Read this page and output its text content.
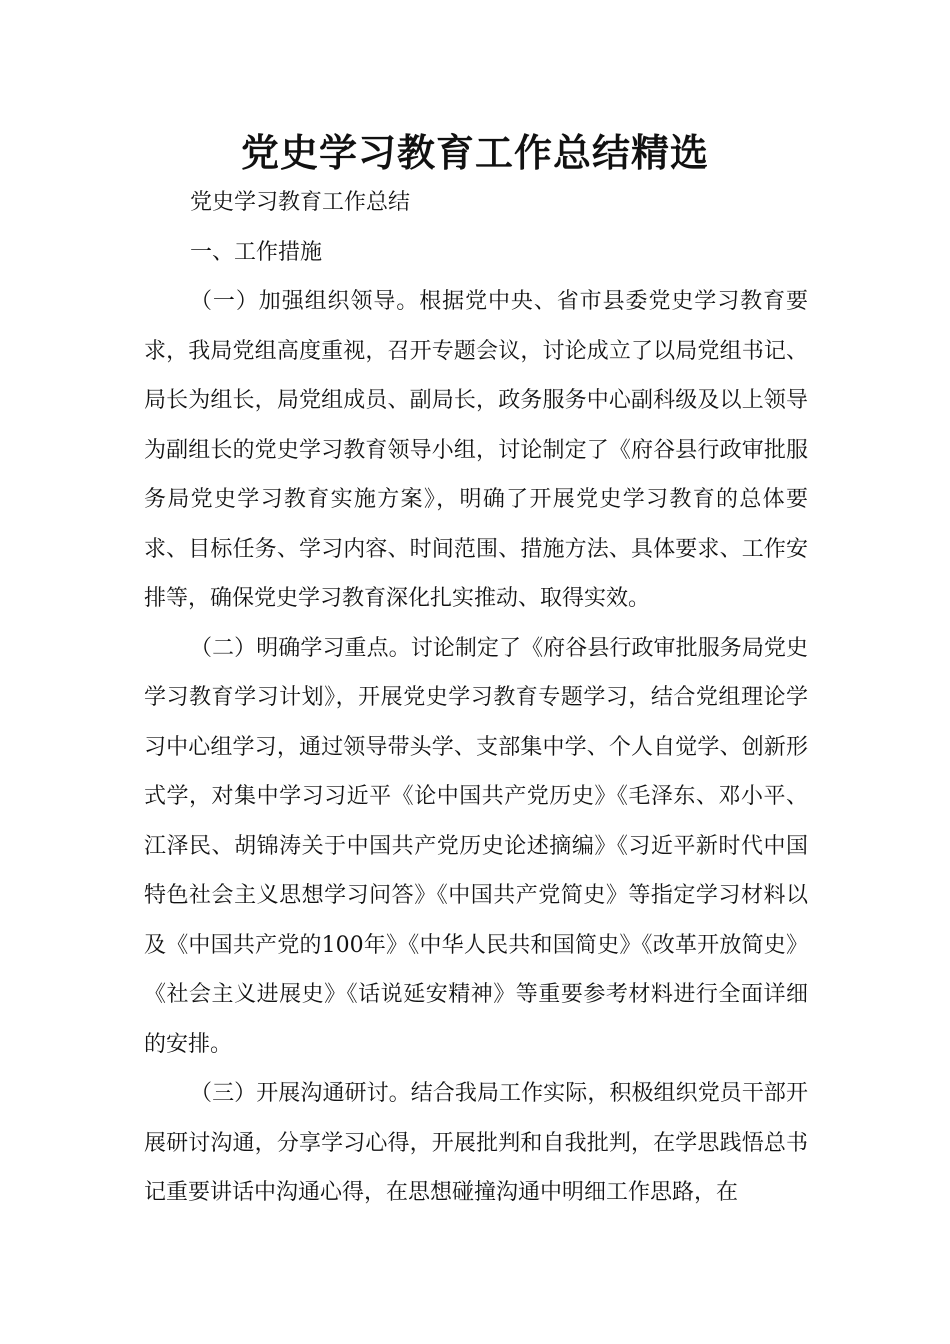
党史学习教育工作总结精选

党史学习教育工作总结

一、工作措施

（一）加强组织领导。根据党中央、省市县委党史学习教育要求，我局党组高度重视，召开专题会议，讨论成立了以局党组书记、局长为组长，局党组成员、副局长，政务服务中心副科级及以上领导为副组长的党史学习教育领导小组，讨论制定了《府谷县行政审批服务局党史学习教育实施方案》，明确了开展党史学习教育的总体要求、目标任务、学习内容、时间范围、措施方法、具体要求、工作安排等，确保党史学习教育深化扎实推动、取得实效。

（二）明确学习重点。讨论制定了《府谷县行政审批服务局党史学习教育学习计划》，开展党史学习教育专题学习，结合党组理论学习中心组学习，通过领导带头学、支部集中学、个人自觉学、创新形式学，对集中学习习近平《论中国共产党历史》《毛泽东、邓小平、江泽民、胡锦涛关于中国共产党历史论述摘编》《习近平新时代中国特色社会主义思想学习问答》《中国共产党简史》等指定学习材料以及《中国共产党的100年》《中华人民共和国简史》《改革开放简史》《社会主义进展史》《话说延安精神》等重要参考材料进行全面详细的安排。

（三）开展沟通研讨。结合我局工作实际，积极组织党员干部开展研讨沟通，分享学习心得，开展批判和自我批判，在学思践悟总书记重要讲话中沟通心得，在思想碰撞沟通中明细工作思路，在
